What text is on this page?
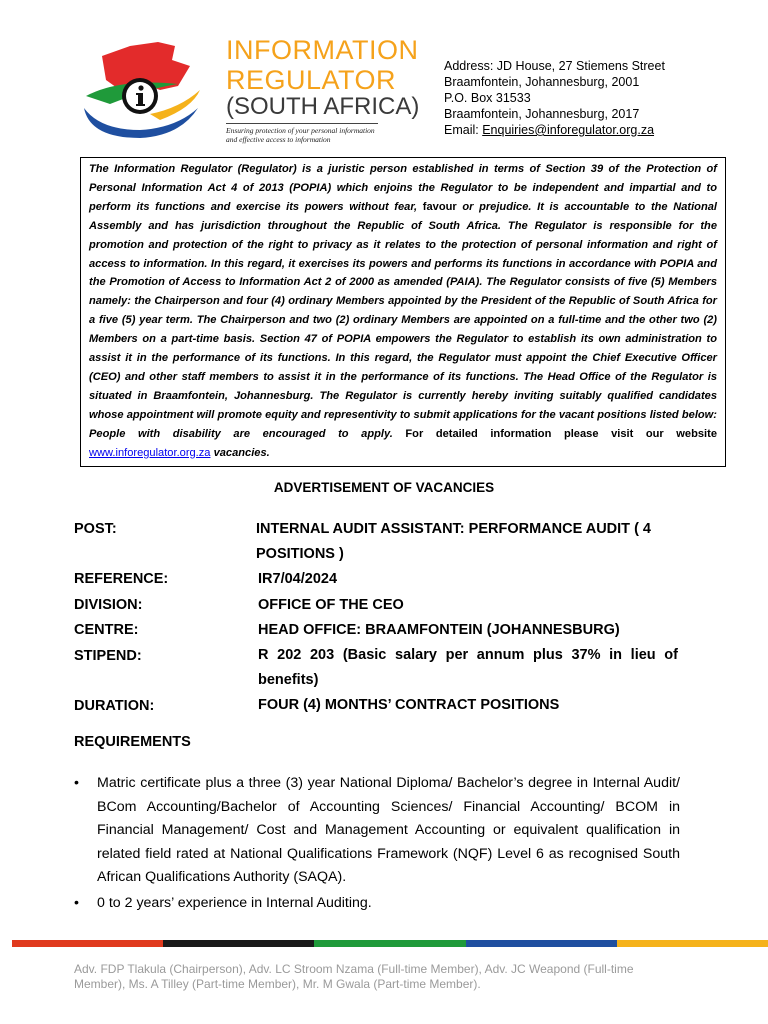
INFORMATION
REGULATOR
(SOUTH AFRICA)
Ensuring protection of your personal information
and effective access to information
Address: JD House, 27 Stiemens Street
Braamfontein, Johannesburg, 2001
P.O. Box 31533
Braamfontein, Johannesburg, 2017
Email: Enquiries@inforegulator.org.za
The Information Regulator (Regulator) is a juristic person established in terms of Section 39 of the Protection of Personal Information Act 4 of 2013 (POPIA) which enjoins the Regulator to be independent and impartial and to perform its functions and exercise its powers without fear, favour or prejudice. It is accountable to the National Assembly and has jurisdiction throughout the Republic of South Africa. The Regulator is responsible for the promotion and protection of the right to privacy as it relates to the protection of personal information and right of access to information. In this regard, it exercises its powers and performs its functions in accordance with POPIA and the Promotion of Access to Information Act 2 of 2000 as amended (PAIA). The Regulator consists of five (5) Members namely: the Chairperson and four (4) ordinary Members appointed by the President of the Republic of South Africa for a five (5) year term. The Chairperson and two (2) ordinary Members are appointed on a full-time and the other two (2) Members on a part-time basis. Section 47 of POPIA empowers the Regulator to establish its own administration to assist it in the performance of its functions. In this regard, the Regulator must appoint the Chief Executive Officer (CEO) and other staff members to assist it in the performance of its functions. The Head Office of the Regulator is situated in Braamfontein, Johannesburg. The Regulator is currently hereby inviting suitably qualified candidates whose appointment will promote equity and representivity to submit applications for the vacant positions listed below: People with disability are encouraged to apply. For detailed information please visit our website www.inforegulator.org.za vacancies.
ADVERTISEMENT OF VACANCIES
POST:	INTERNAL AUDIT ASSISTANT: PERFORMANCE AUDIT ( 4 POSITIONS )
REFERENCE:	IR7/04/2024
DIVISION:	OFFICE OF THE CEO
CENTRE:	HEAD OFFICE: BRAAMFONTEIN (JOHANNESBURG)
STIPEND:	R 202 203 (Basic salary per annum plus 37% in lieu of benefits)
DURATION:	FOUR (4) MONTHS’ CONTRACT POSITIONS
REQUIREMENTS
• Matric certificate plus a three (3) year National Diploma/ Bachelor’s degree in Internal Audit/ BCom Accounting/Bachelor of Accounting Sciences/ Financial Accounting/ BCOM in Financial Management/ Cost and Management Accounting or equivalent qualification in related field rated at National Qualifications Framework (NQF) Level 6 as recognised South African Qualifications Authority (SAQA).
• 0 to 2 years’ experience in Internal Auditing.
Adv. FDP Tlakula (Chairperson), Adv. LC Stroom Nzama (Full-time Member), Adv. JC Weapond (Full-time Member), Ms. A Tilley (Part-time Member), Mr. M Gwala (Part-time Member).
